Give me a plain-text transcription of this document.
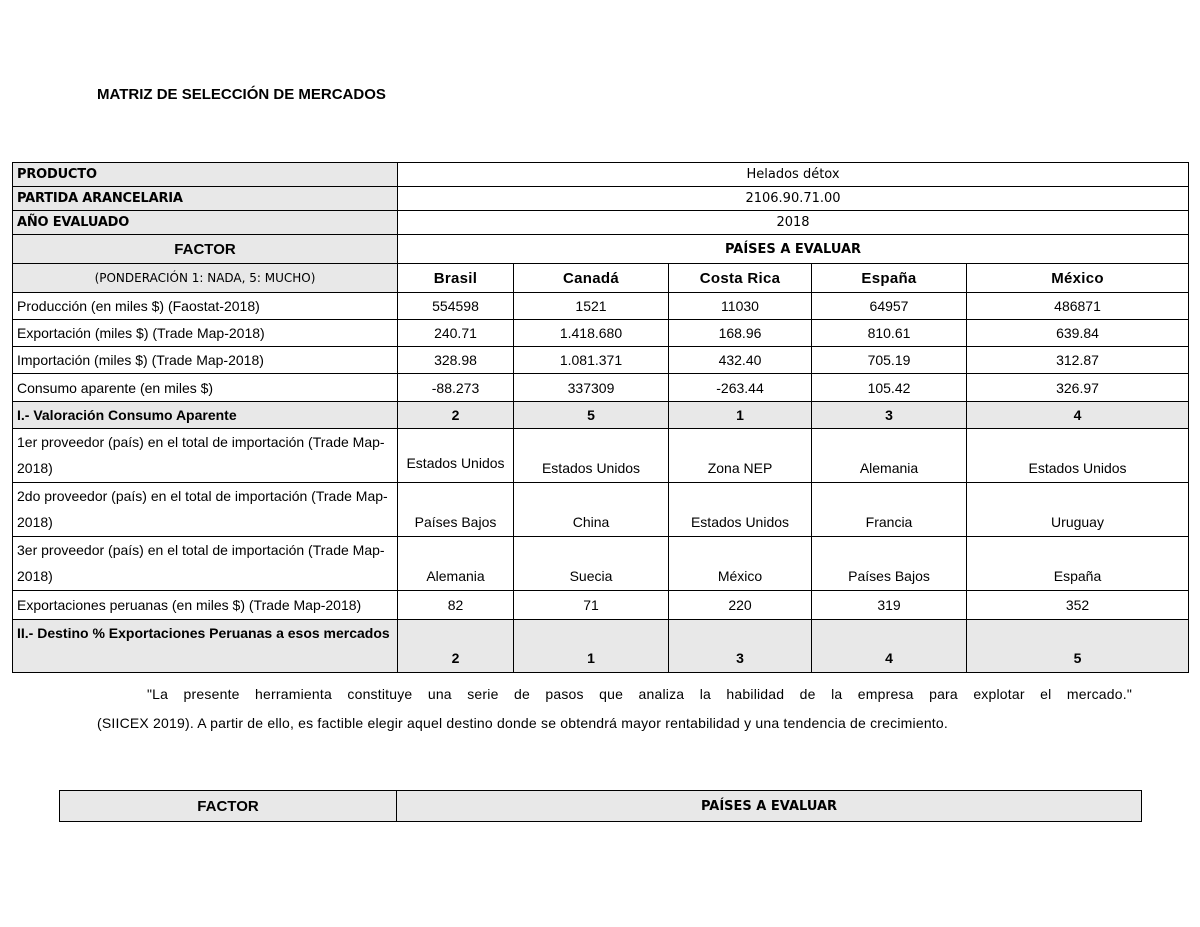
MATRIZ DE SELECCIÓN DE MERCADOS
PRODUCTO	Helados détox				
PARTIDA ARANCELARIA	2106.90.71.00				
AÑO EVALUADO	2018				
FACTOR	PAÍSES A EVALUAR				
(PONDERACIÓN 1: NADA, 5: MUCHO)	Brasil	Canadá	Costa Rica	España	México
Producción (en miles $) (Faostat-2018)	554598	1521	11030	64957	486871
Exportación (miles $) (Trade Map-2018)	240.71	1.418.680	168.96	810.61	639.84
Importación (miles $) (Trade Map-2018)	328.98	1.081.371	432.40	705.19	312.87
Consumo aparente (en miles $)	-88.273	337309	-263.44	105.42	326.97
I.- Valoración Consumo Aparente	2	5	1	3	4
1er proveedor (país) en el total de importación (Trade Map-2018)	Estados Unidos	Estados Unidos	Zona NEP	Alemania	Estados Unidos
2do proveedor (país) en el total de importación (Trade Map-2018)	Países Bajos	China	Estados Unidos	Francia	Uruguay
3er proveedor (país) en el total de importación (Trade Map-2018)	Alemania	Suecia	México	Países Bajos	España
Exportaciones peruanas (en miles $) (Trade Map-2018)	82	71	220	319	352
II.- Destino % Exportaciones Peruanas a esos mercados	2	1	3	4	5
"La presente herramienta constituye una serie de pasos que analiza la habilidad de la empresa para explotar el mercado."
(SIICEX 2019). A partir de ello, es factible elegir aquel destino donde se obtendrá mayor rentabilidad y una tendencia de crecimiento.
FACTOR	PAÍSES A EVALUAR
